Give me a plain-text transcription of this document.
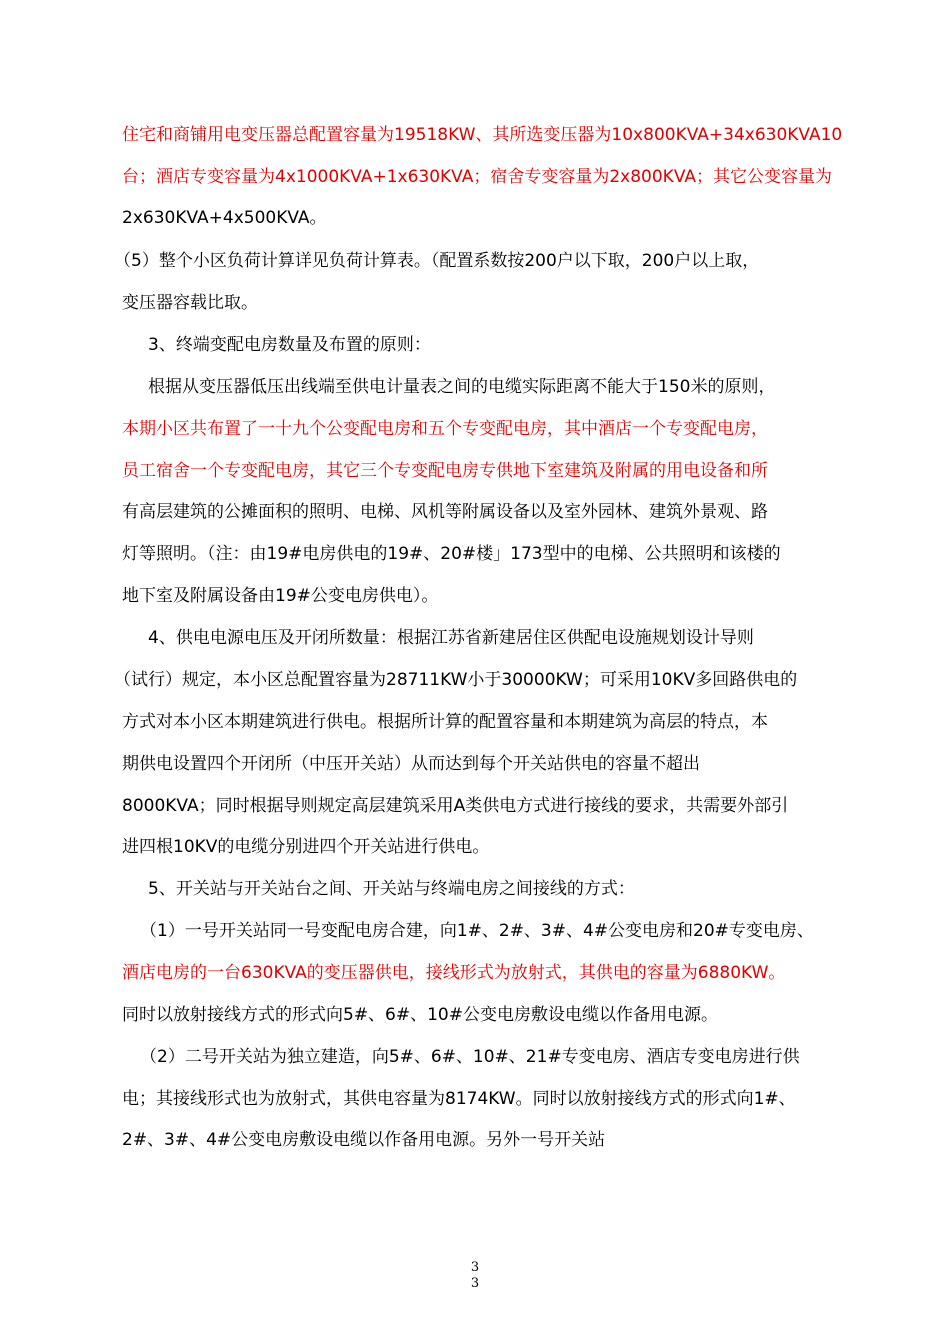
住宅和商铺用电变压器总配置容量为19518KW、其所选变压器为10x800KVA+34x630KVA10
台；酒店专变容量为4x1000KVA+1x630KVA；宿舍专变容量为2x800KVA；其它公变容量为
2x630KVA+4x500KVA。
（5）整个小区负荷计算详见负荷计算表。（配置系数按200户以下取，200户以上取，
变压器容载比取。
3、终端变配电房数量及布置的原则：
根据从变压器低压出线端至供电计量表之间的电缆实际距离不能大于150米的原则，
本期小区共布置了一十九个公变配电房和五个专变配电房，其中酒店一个专变配电房，
员工宿舍一个专变配电房，其它三个专变配电房专供地下室建筑及附属的用电设备和所
有高层建筑的公摊面积的照明、电梯、风机等附属设备以及室外园林、建筑外景观、路
灯等照明。（注：由19#电房供电的19#、20#楼」173型中的电梯、公共照明和该楼的
地下室及附属设备由19#公变电房供电）。
4、供电电源电压及开闭所数量：根据江苏省新建居住区供配电设施规划设计导则
（试行）规定，本小区总配置容量为28711KW小于30000KW；可采用10KV多回路供电的
方式对本小区本期建筑进行供电。根据所计算的配置容量和本期建筑为高层的特点，本
期供电设置四个开闭所（中压开关站）从而达到每个开关站供电的容量不超出
8000KVA；同时根据导则规定高层建筑采用A类供电方式进行接线的要求，共需要外部引
进四根10KV的电缆分别进四个开关站进行供电。
5、开关站与开关站台之间、开关站与终端电房之间接线的方式：
（1）一号开关站同一号变配电房合建，向1#、2#、3#、4#公变电房和20#专变电房、
酒店电房的一台630KVA的变压器供电，接线形式为放射式，其供电的容量为6880KW。
同时以放射接线方式的形式向5#、6#、10#公变电房敷设电缆以作备用电源。
（2）二号开关站为独立建造，向5#、6#、10#、21#专变电房、酒店专变电房进行供
电；其接线形式也为放射式，其供电容量为8174KW。同时以放射接线方式的形式向1#、
2#、3#、4#公变电房敷设电缆以作备用电源。另外一号开关站
3
3
